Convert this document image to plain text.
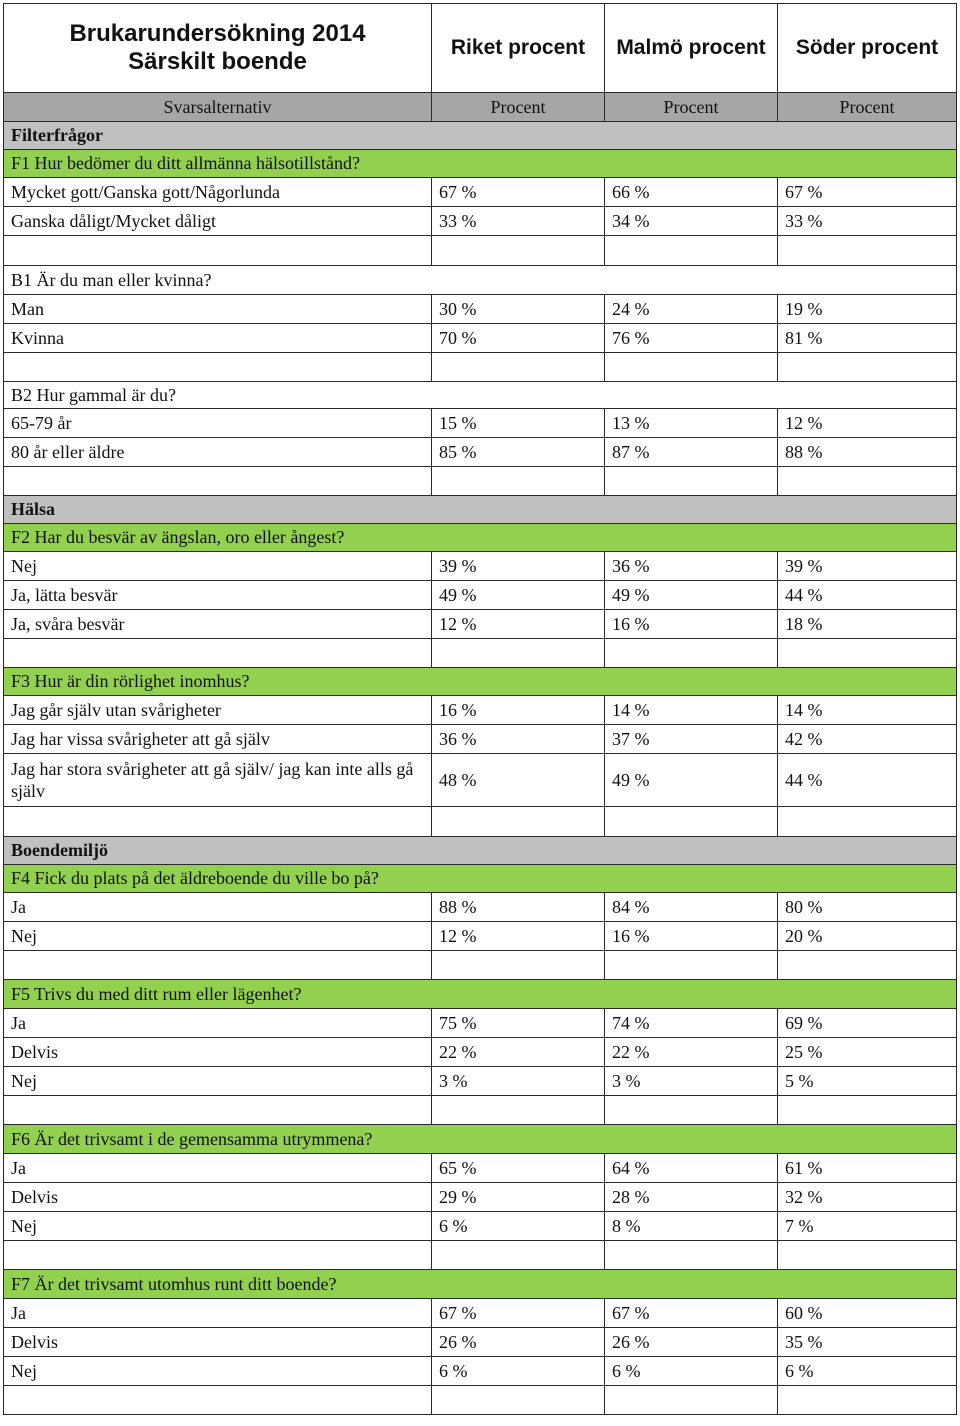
Brukarundersökning 2014
Särskilt boende	Riket procent	Malmö procent	Söder procent
Svarsalternativ	Procent	Procent	Procent
Filterfrågor			
F1 Hur bedömer du ditt allmänna hälsotillstånd?			
Mycket gott/Ganska gott/Någorlunda	67 %	66 %	67 %
Ganska dåligt/Mycket dåligt	33 %	34 %	33 %

B1 Är du man eller kvinna?			
Man	30 %	24 %	19 %
Kvinna	70 %	76 %	81 %

B2 Hur gammal är du?			
65-79 år	15 %	13 %	12 %
80 år eller äldre	85 %	87 %	88 %

Hälsa			
F2 Har du besvär av ängslan, oro eller ångest?			
Nej	39 %	36 %	39 %
Ja, lätta besvär	49 %	49 %	44 %
Ja, svåra besvär	12 %	16 %	18 %

F3 Hur är din rörlighet inomhus?			
Jag går själv utan svårigheter	16 %	14 %	14 %
Jag har vissa svårigheter att gå själv	36 %	37 %	42 %
Jag har stora svårigheter att gå själv/ jag kan inte alls gå själv	48 %	49 %	44 %

Boendemiljö			
F4 Fick du plats på det äldreboende du ville bo på?			
Ja	88 %	84 %	80 %
Nej	12 %	16 %	20 %

F5 Trivs du med ditt rum eller lägenhet?			
Ja	75 %	74 %	69 %
Delvis	22 %	22 %	25 %
Nej	3 %	3 %	5 %

F6 Är det trivsamt i de gemensamma utrymmena?			
Ja	65 %	64 %	61 %
Delvis	29 %	28 %	32 %
Nej	6 %	8 %	7 %

F7 Är det trivsamt utomhus runt ditt boende?			
Ja	67 %	67 %	60 %
Delvis	26 %	26 %	35 %
Nej	6 %	6 %	6 %
